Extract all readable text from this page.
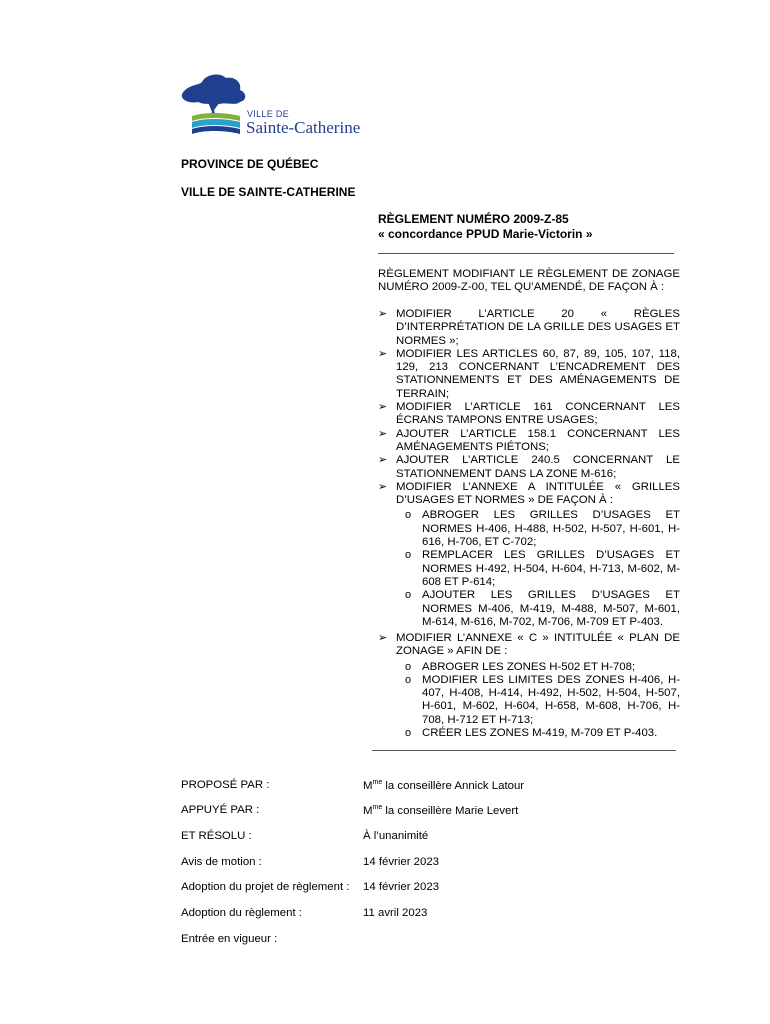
VILLE DE
Sainte-Catherine
PROVINCE DE QUÉBEC
VILLE DE SAINTE-CATHERINE
RÈGLEMENT NUMÉRO 2009-Z-85
« concordance PPUD Marie-Victorin »
RÈGLEMENT MODIFIANT LE RÈGLEMENT DE ZONAGE NUMÉRO 2009-Z-00, TEL QU’AMENDÉ, DE FAÇON À :
➢ MODIFIER L’ARTICLE 20 « RÈGLES D’INTERPRÉTATION DE LA GRILLE DES USAGES ET NORMES »;
➢ MODIFIER LES ARTICLES 60, 87, 89, 105, 107, 118, 129, 213 CONCERNANT L’ENCADREMENT DES STATIONNEMENTS ET DES AMÉNAGEMENTS DE TERRAIN;
➢ MODIFIER L’ARTICLE 161 CONCERNANT LES ÉCRANS TAMPONS ENTRE USAGES;
➢ AJOUTER L’ARTICLE 158.1 CONCERNANT LES AMÉNAGEMENTS PIÉTONS;
➢ AJOUTER L’ARTICLE 240.5 CONCERNANT LE STATIONNEMENT DANS LA ZONE M-616;
➢ MODIFIER L’ANNEXE A INTITULÉE « GRILLES D’USAGES ET NORMES » DE FAÇON À :
o ABROGER LES GRILLES D’USAGES ET NORMES H-406, H-488, H-502, H-507, H-601, H-616, H-706, ET C-702;
o REMPLACER LES GRILLES D’USAGES ET NORMES H-492, H-504, H-604, H-713, M-602, M-608 ET P-614;
o AJOUTER LES GRILLES D’USAGES ET NORMES M-406, M-419, M-488, M-507, M-601, M-614, M-616, M-702, M-706, M-709 ET P-403.
➢ MODIFIER L’ANNEXE « C » INTITULÉE « PLAN DE ZONAGE » AFIN DE :
o ABROGER LES ZONES H-502 ET H-708;
o MODIFIER LES LIMITES DES ZONES H-406, H-407, H-408, H-414, H-492, H-502, H-504, H-507, H-601, M-602, H-604, H-658, M-608, H-706, H-708, H-712 ET H-713;
o CRÉER LES ZONES M-419, M-709 ET P-403.
PROPOSÉ PAR :	$M^{me}$ la conseillère Annick Latour
APPUYÉ PAR :	$M^{me}$ la conseillère Marie Levert
ET RÉSOLU :	À l’unanimité
Avis de motion :	14 février 2023
Adoption du projet de règlement : 14 février 2023
Adoption du règlement :	11 avril 2023
Entrée en vigueur :
